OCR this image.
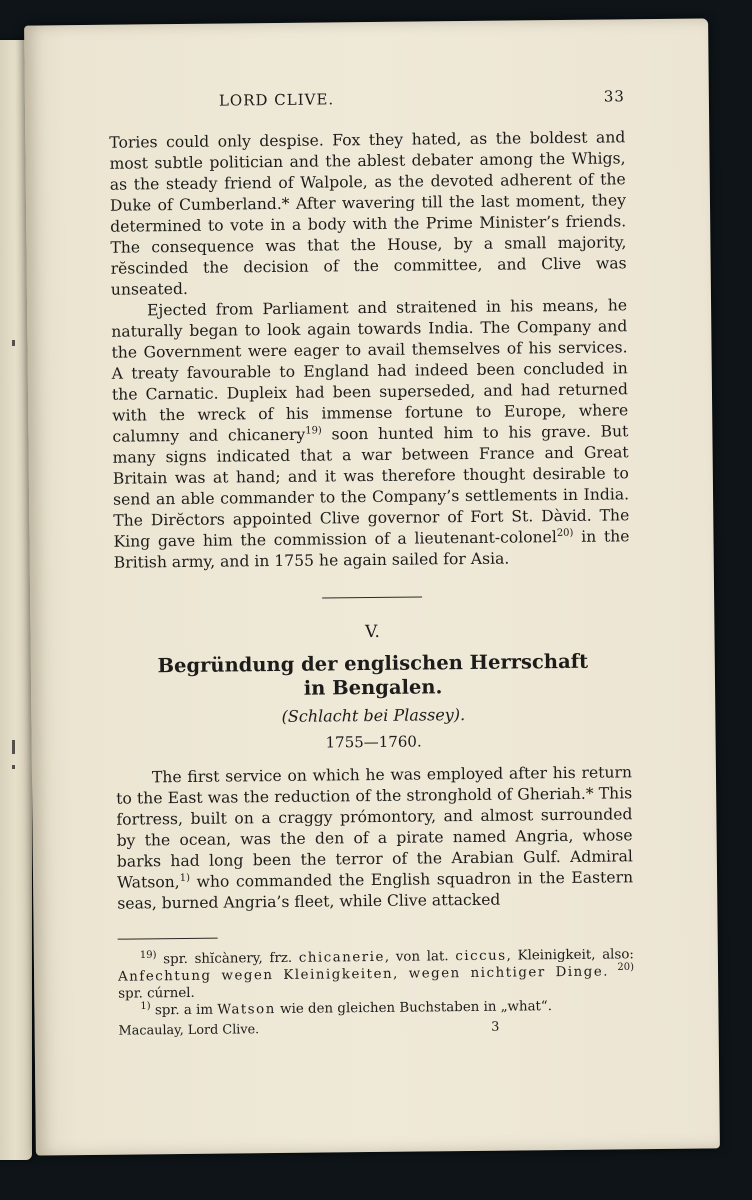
LORD CLIVE.	33

Tories could only despise. Fox they hated, as the boldest and most subtle politician and the ablest debater among the Whigs, as the steady friend of Walpole, as the devoted adherent of the Duke of Cumberland.* After wavering till the last moment, they determined to vote in a body with the Prime Minister’s friends. The consequence was that the House, by a small majority, rĕscinded the decision of the committee, and Clive was unseated.

Ejected from Parliament and straitened in his means, he naturally began to look again towards India. The Company and the Government were eager to avail themselves of his services. A treaty favourable to England had indeed been concluded in the Carnatic. Dupleix had been superseded, and had returned with the wreck of his immense fortune to Europe, where calumny and chicanery$^{19)}$ soon hunted him to his grave. But many signs indicated that a war between France and Great Britain was at hand; and it was therefore thought desirable to send an able commander to the Company’s settlements in India. The Dirĕctors appointed Clive governor of Fort St. Dàvid. The King gave him the commission of a lieutenant-colonel$^{20)}$ in the British army, and in 1755 he again sailed for Asia.

V.

Begründung der englischen Herrschaft
in Bengalen.

(Schlacht bei Plassey).
1755—1760.

The first service on which he was employed after his return to the East was the reduction of the stronghold of Gheriah.* This fortress, built on a craggy prómontory, and almost surrounded by the ocean, was the den of a pirate named Angria, whose barks had long been the terror of the Arabian Gulf. Admiral Watson,$^{1)}$ who commanded the English squadron in the Eastern seas, burned Angria’s fleet, while Clive attacked

$^{19)}$ spr. shĭcànery, frz. chicanerie, von lat. ciccus, Kleinigkeit, also: Anfechtung wegen Kleinigkeiten, wegen nichtiger Dinge. $^{20)}$ spr. cúrnel.

$^{1)}$ spr. a im Watson wie den gleichen Buchstaben in „what“.

Macaulay, Lord Clive.	3
